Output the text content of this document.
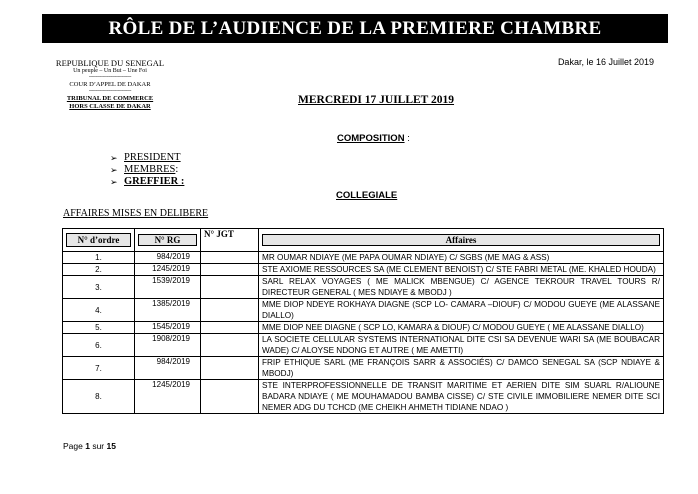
RÔLE DE L’AUDIENCE DE LA PREMIERE CHAMBRE
REPUBLIQUE DU SENEGAL
Un peuple – Un But – Une Foi
-------------------------------
COUR D’APPEL DE DAKAR
-------------------------------
TRIBUNAL DE COMMERCE
HORS CLASSE DE DAKAR
Dakar, le 16 Juillet 2019
MERCREDI 17 JUILLET 2019
COMPOSITION :
➢ PRESIDENT
➢ MEMBRES :
➢ GREFFIER :
COLLEGIALE
AFFAIRES MISES EN DELIBERE
N° d’ordre	N° RG	N° JGT	Affaires
1.	984/2019		MR OUMAR NDIAYE (ME PAPA OUMAR NDIAYE) C/ SGBS (ME MAG & ASS)
2.	1245/2019		STE AXIOME RESSOURCES SA (ME CLEMENT BENOIST) C/ STE FABRI METAL (ME. KHALED HOUDA)
3.	1539/2019		SARL RELAX VOYAGES ( ME MALICK MBENGUE) C/ AGENCE TEKROUR TRAVEL TOURS R/ DIRECTEUR GENERAL ( MES NDIAYE & MBODJ )
4.	1385/2019		MME DIOP NDEYE ROKHAYA DIAGNE (SCP LO- CAMARA –DIOUF) C/ MODOU GUEYE (ME ALASSANE DIALLO)
5.	1545/2019		MME DIOP NEE DIAGNE ( SCP LO, KAMARA & DIOUF) C/ MODOU GUEYE ( ME ALASSANE DIALLO)
6.	1908/2019		LA SOCIETE CELLULAR SYSTEMS INTERNATIONAL DITE CSI SA DEVENUE WARI SA (ME BOUBACAR WADE) C/ ALOYSE NDONG ET AUTRE ( ME AMETTI)
7.	984/2019		FRIP ETHIQUE SARL (ME FRANÇOIS SARR & ASSOCIÉS) C/ DAMCO SENEGAL SA (SCP NDIAYE & MBODJ)
8.	1245/2019		STE INTERPROFESSIONNELLE DE TRANSIT MARITIME ET AERIEN DITE SIM SUARL R/ALIOUNE BADARA NDIAYE ( ME MOUHAMADOU BAMBA CISSE) C/ STE CIVILE IMMOBILIERE NEMER DITE SCI NEMER ADG DU TCHCD (ME CHEIKH AHMETH TIDIANE NDAO )
Page 1 sur 15
